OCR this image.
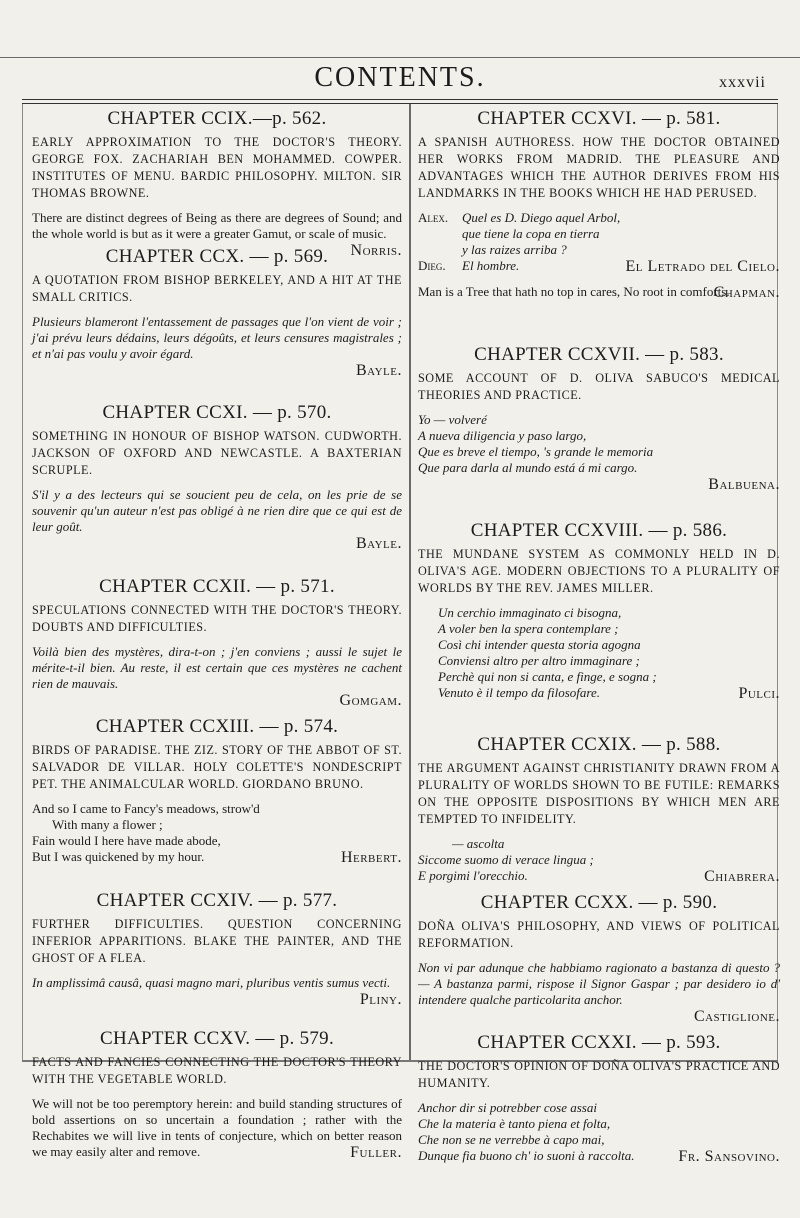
CONTENTS.	xxxvii
CHAPTER CCIX.—p. 562.
EARLY APPROXIMATION TO THE DOCTOR'S THEORY. GEORGE FOX. ZACHARIAH BEN MOHAMMED. COWPER. INSTITUTES OF MENU. BARDIC PHILOSOPHY. MILTON. SIR THOMAS BROWNE.
There are distinct degrees of Being as there are degrees of Sound; and the whole world is but as it were a greater Gamut, or scale of music.
Norris.
CHAPTER CCX. — p. 569.
A QUOTATION FROM BISHOP BERKELEY, AND A HIT AT THE SMALL CRITICS.
Plusieurs blameront l'entassement de passages que l'on vient de voir ; j'ai prévu leurs dédains, leurs dégoûts, et leurs censures magistrales ; et n'ai pas voulu y avoir égard.
Bayle.
CHAPTER CCXI. — p. 570.
SOMETHING IN HONOUR OF BISHOP WATSON. CUDWORTH. JACKSON OF OXFORD AND NEWCASTLE. A BAXTERIAN SCRUPLE.
S'il y a des lecteurs qui se soucient peu de cela, on les prie de se souvenir qu'un auteur n'est pas obligé à ne rien dire que ce qui est de leur goût.
Bayle.
CHAPTER CCXII. — p. 571.
SPECULATIONS CONNECTED WITH THE DOCTOR'S THEORY. DOUBTS AND DIFFICULTIES.
Voilà bien des mystères, dira-t-on ; j'en conviens ; aussi le sujet le mérite-t-il bien. Au reste, il est certain que ces mystères ne cachent rien de mauvais.
Gomgam.
CHAPTER CCXIII. — p. 574.
BIRDS OF PARADISE. THE ZIZ. STORY OF THE ABBOT OF ST. SALVADOR DE VILLAR. HOLY COLETTE'S NONDESCRIPT PET. THE ANIMALCULAR WORLD. GIORDANO BRUNO.
And so I came to Fancy's meadows, strow'd
With many a flower ;
Fain would I here have made abode,
But I was quickened by my hour.	Herbert.
CHAPTER CCXIV. — p. 577.
FURTHER DIFFICULTIES. QUESTION CONCERNING INFERIOR APPARITIONS. BLAKE THE PAINTER, AND THE GHOST OF A FLEA.
In amplissimâ causâ, quasi magno mari, pluribus ventis sumus vecti.
Pliny.
CHAPTER CCXV. — p. 579.
FACTS AND FANCIES CONNECTING THE DOCTOR'S THEORY WITH THE VEGETABLE WORLD.
We will not be too peremptory herein: and build standing structures of bold assertions on so uncertain a foundation ; rather with the Rechabites we will live in tents of conjecture, which on better reason we may easily alter and remove.	Fuller.
CHAPTER CCXVI. — p. 581.
A SPANISH AUTHORESS. HOW THE DOCTOR OBTAINED HER WORKS FROM MADRID. THE PLEASURE AND ADVANTAGES WHICH THE AUTHOR DERIVES FROM HIS LANDMARKS IN THE BOOKS WHICH HE HAD PERUSED.
Alex. Quel es D. Diego aquel Arbol,
que tiene la copa en tierra
y las raizes arriba ?
Dieg. El hombre.	El Letrado del Cielo.
Man is a Tree that hath no top in cares, No root in comforts.
Chapman.
CHAPTER CCXVII. — p. 583.
SOME ACCOUNT OF D. OLIVA SABUCO'S MEDICAL THEORIES AND PRACTICE.
Yo — volveré
A nueva diligencia y paso largo,
Que es breve el tiempo, 's grande le memoria
Que para darla al mundo está á mi cargo.
Balbuena.
CHAPTER CCXVIII. — p. 586.
THE MUNDANE SYSTEM AS COMMONLY HELD IN D. OLIVA'S AGE. MODERN OBJECTIONS TO A PLURALITY OF WORLDS BY THE REV. JAMES MILLER.
Un cerchio immaginato ci bisogna,
A voler ben la spera contemplare ;
Così chi intender questa storia agogna
Conviensi altro per altro immaginare ;
Perchè qui non si canta, e finge, e sogna ;
Venuto è il tempo da filosofare.	Pulci.
CHAPTER CCXIX. — p. 588.
THE ARGUMENT AGAINST CHRISTIANITY DRAWN FROM A PLURALITY OF WORLDS SHOWN TO BE FUTILE: REMARKS ON THE OPPOSITE DISPOSITIONS BY WHICH MEN ARE TEMPTED TO INFIDELITY.
— ascolta
Siccome suomo di verace lingua ;
E porgimi l'orecchio.	Chiabrera.
CHAPTER CCXX. — p. 590.
DOÑA OLIVA'S PHILOSOPHY, AND VIEWS OF POLITICAL REFORMATION.
Non vi par adunque che habbiamo ragionato a bastanza di questo ? — A bastanza parmi, rispose il Signor Gaspar ; par desidero io d' intendere qualche particolarita anchor.
Castiglione.
CHAPTER CCXXI. — p. 593.
THE DOCTOR'S OPINION OF DOÑA OLIVA'S PRACTICE AND HUMANITY.
Anchor dir si potrebber cose assai
Che la materia è tanto piena et folta,
Che non se ne verrebbe à capo mai,
Dunque fia buono ch' io suoni à raccolta.	Fr. Sansovino.
